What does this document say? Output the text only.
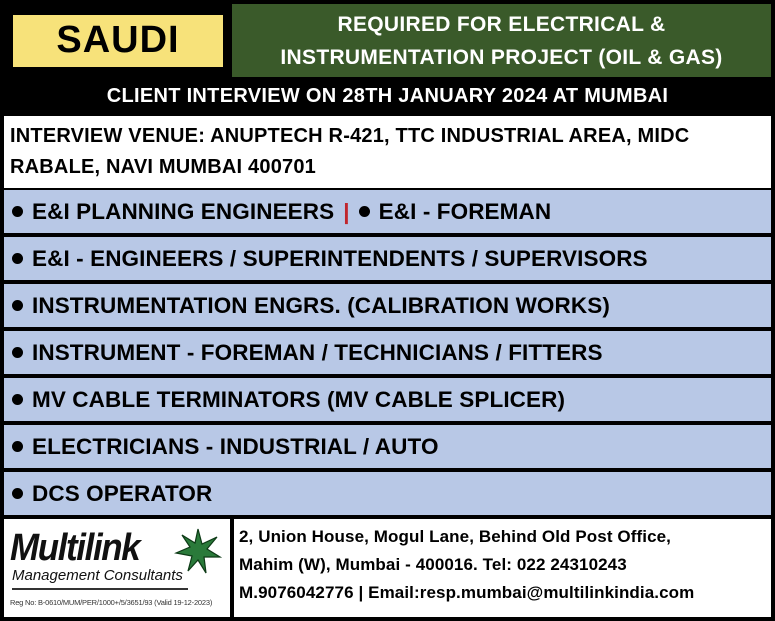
SAUDI	REQUIRED FOR ELECTRICAL &
INSTRUMENTATION PROJECT (OIL & GAS)
CLIENT INTERVIEW ON 28TH JANUARY 2024 AT MUMBAI
INTERVIEW VENUE: ANUPTECH R-421, TTC INDUSTRIAL AREA, MIDC
RABALE, NAVI MUMBAI 400701
E&I PLANNING ENGINEERS | E&I - FOREMAN
E&I - ENGINEERS / SUPERINTENDENTS / SUPERVISORS
INSTRUMENTATION ENGRS. (CALIBRATION WORKS)
INSTRUMENT - FOREMAN / TECHNICIANS / FITTERS
MV CABLE TERMINATORS (MV CABLE SPLICER)
ELECTRICIANS - INDUSTRIAL / AUTO
DCS OPERATOR
Multilink
Management Consultants
Reg No: B-0610/MUM/PER/1000+/5/3651/93 (Valid 19-12-2023)
2, Union House, Mogul Lane, Behind Old Post Office,
Mahim (W), Mumbai - 400016. Tel: 022 24310243
M.9076042776 | Email:resp.mumbai@multilinkindia.com
